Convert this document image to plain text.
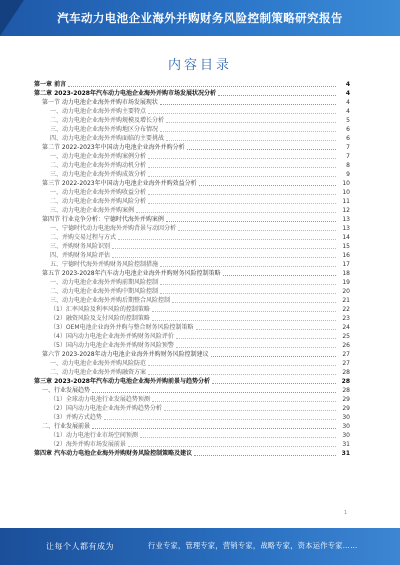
汽车动力电池企业海外并购财务风险控制策略研究报告
内容目录
第一章 前言	4
第二章 2023-2028年汽车动力电池企业海外并购市场发展状况分析	4
第一节 动力电池企业海外并购市场发展现状	4
一、动力电池企业海外并购主要特点	4
二、动力电池企业海外并购规模及增长分析	5
三、动力电池企业海外并购地区分布情况	6
四、动力电池企业海外并购面临的主要挑战	6
第二节 2022-2023年中国动力电池企业海外并购分析	7
一、动力电池企业海外并购案例分析	7
二、动力电池企业海外并购动机分析	8
三、动力电池企业海外并购成效分析	9
第三节 2022-2023年中国动力电池企业海外并购效益分析	10
一、动力电池企业海外并购收益分析	10
二、动力电池企业海外并购风险分析	11
三、动力电池企业海外并购案例	12
第四节 行业竞争分析：宁德时代海外并购案例	13
一、宁德时代动力电池海外并购背景与动因分析	13
二、并购交易过程与方式	14
三、并购财务风险识别	15
四、并购财务风险评估	16
五、宁德时代海外并购财务风险控制措施	17
第五节 2023-2028年汽车动力电池企业海外并购财务风险控制策略	18
一、动力电池企业海外并购前期风险控制	19
二、动力电池企业海外并购中期风险控制	20
三、动力电池企业海外并购后期整合风险控制	21
（1）汇率风险及利率风险的控制策略	22
（2）融资风险及支付风险的控制策略	23
（3）OEM电池企业海外并购与整合财务风险控制策略	24
（4）国内动力电池企业海外并购财务风险评价	25
（5）国内动力电池企业海外并购财务风险预警	26
第六节 2023-2028年动力电池企业海外并购财务风险控制建议	27
一、动力电池企业海外并购风险防范	27
二、动力电池企业海外并购融资方案	28
第三章 2023-2028年汽车动力电池企业海外并购前景与趋势分析	28
一、行业发展趋势	28
（1）全球动力电池行业发展趋势预测	29
（2）国内动力电池企业海外并购趋势分析	29
（3）并购方式趋势	30
二、行业发展前景	30
（1）动力电池行业市场空间预测	30
（2）海外并购市场发展前景	31
第四章 汽车动力电池企业海外并购财务风险控制策略及建议	31
1
让每个人都有成为	行业专家，管理专家，营销专家，战略专家，资本运作专家……
